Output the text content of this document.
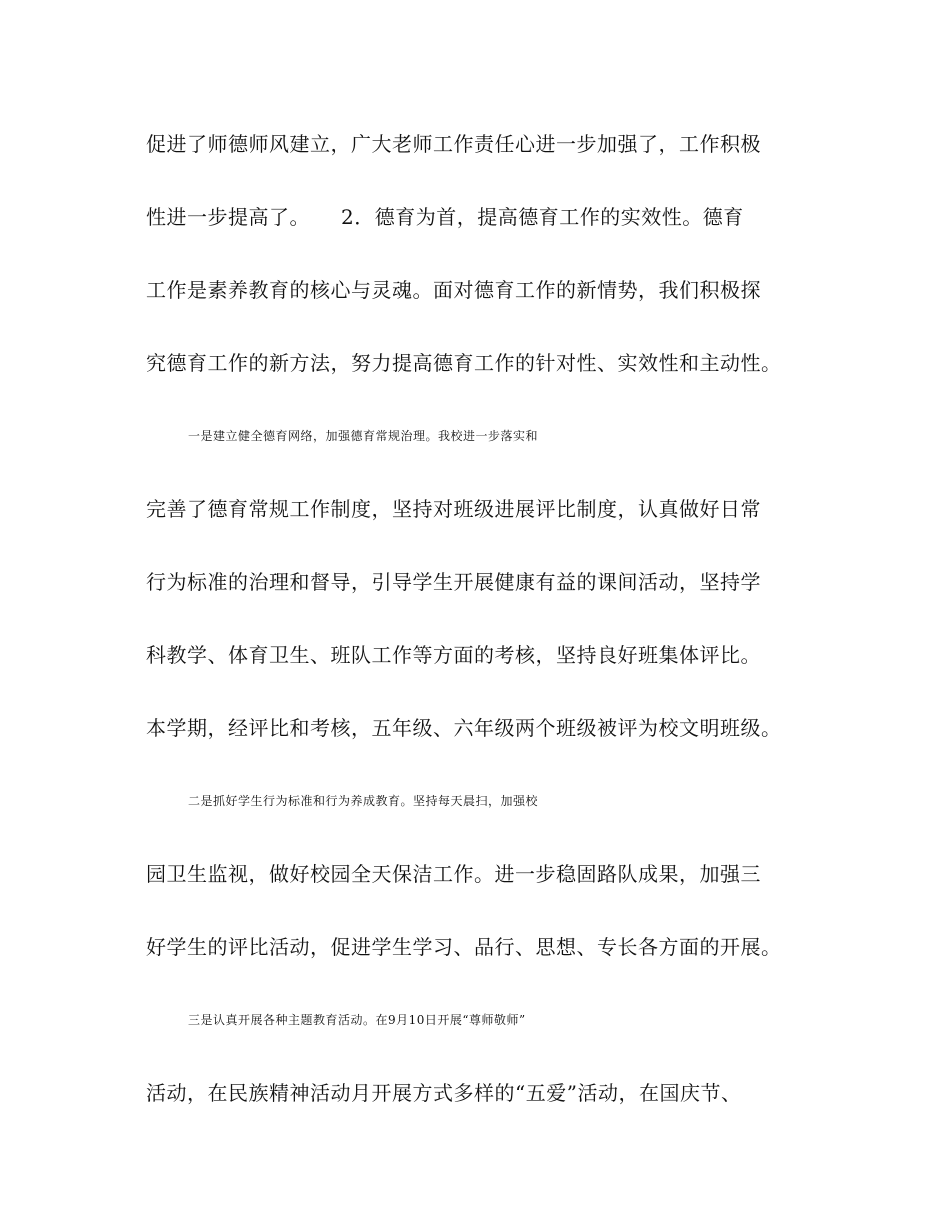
促进了师德师风建立，广大老师工作责任心进一步加强了，工作积极
性进一步提高了。　　2．德育为首，提高德育工作的实效性。德育
工作是素养教育的核心与灵魂。面对德育工作的新情势，我们积极探
究德育工作的新方法，努力提高德育工作的针对性、实效性和主动性。
一是建立健全德育网络，加强德育常规治理。我校进一步落实和
完善了德育常规工作制度，坚持对班级进展评比制度，认真做好日常
行为标准的治理和督导，引导学生开展健康有益的课间活动，坚持学
科教学、体育卫生、班队工作等方面的考核，坚持良好班集体评比。
本学期，经评比和考核，五年级、六年级两个班级被评为校文明班级。
二是抓好学生行为标准和行为养成教育。坚持每天晨扫，加强校
园卫生监视，做好校园全天保洁工作。进一步稳固路队成果，加强三
好学生的评比活动，促进学生学习、品行、思想、专长各方面的开展。
三是认真开展各种主题教育活动。在9月10日开展“尊师敬师”
活动，在民族精神活动月开展方式多样的“五爱”活动，在国庆节、
